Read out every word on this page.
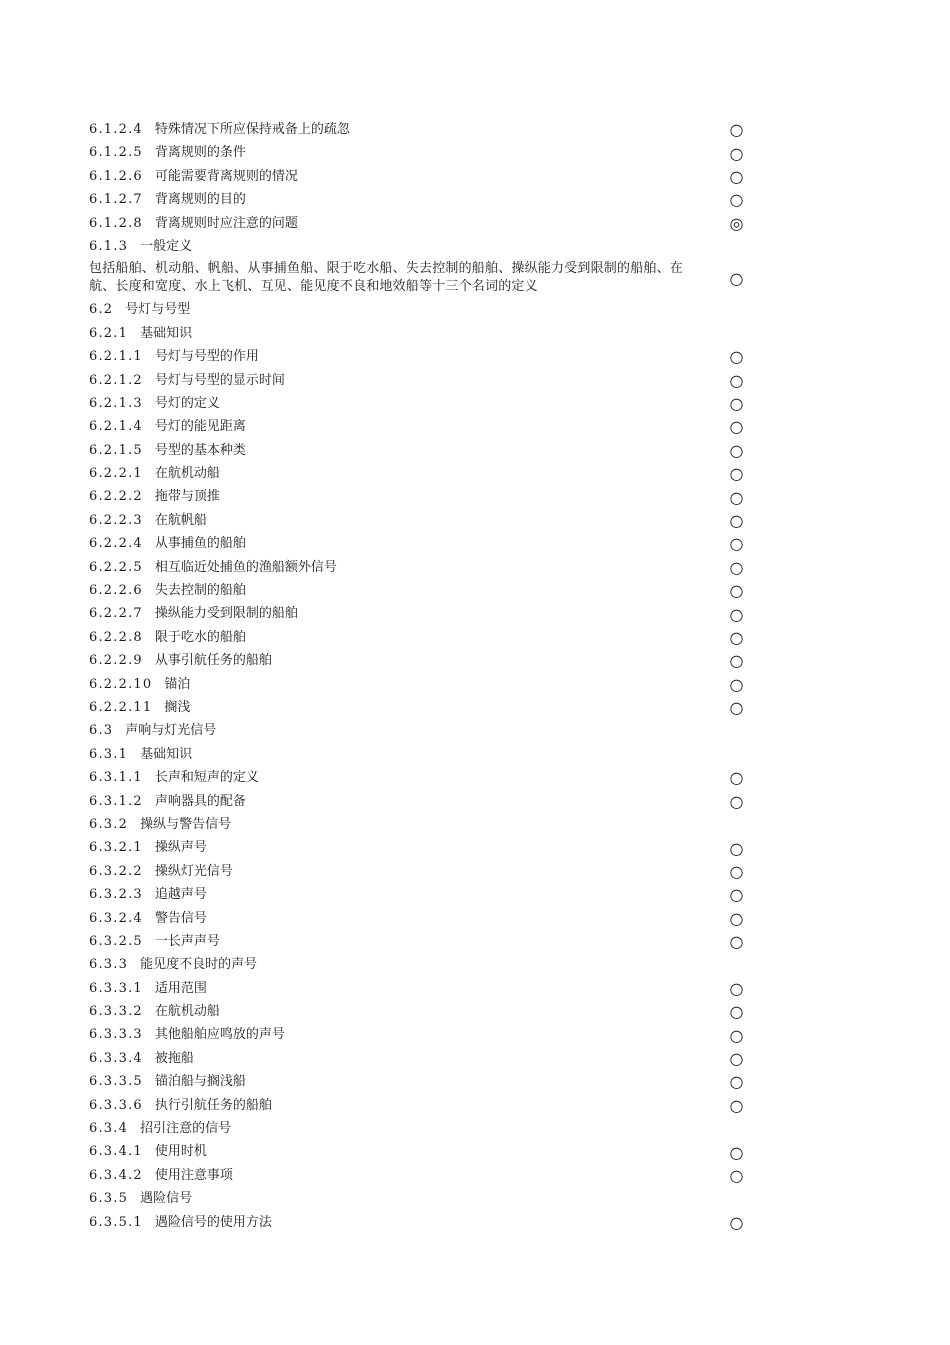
6.1.2.4 特殊情况下所应保持戒备上的疏忽	○
6.1.2.5 背离规则的条件	○
6.1.2.6 可能需要背离规则的情况	○
6.1.2.7 背离规则的目的	○
6.1.2.8 背离规则时应注意的问题	◎
6.1.3 一般定义
包括船舶、机动船、帆船、从事捕鱼船、限于吃水船、失去控制的船舶、操纵能力受到限制的船舶、在航、长度和宽度、水上飞机、互见、能见度不良和地效船等十三个名词的定义	○
6.2 号灯与号型
6.2.1 基础知识
6.2.1.1 号灯与号型的作用	○
6.2.1.2 号灯与号型的显示时间	○
6.2.1.3 号灯的定义	○
6.2.1.4 号灯的能见距离	○
6.2.1.5 号型的基本种类	○
6.2.2.1 在航机动船	○
6.2.2.2 拖带与顶推	○
6.2.2.3 在航帆船	○
6.2.2.4 从事捕鱼的船舶	○
6.2.2.5 相互临近处捕鱼的渔船额外信号	○
6.2.2.6 失去控制的船舶	○
6.2.2.7 操纵能力受到限制的船舶	○
6.2.2.8 限于吃水的船舶	○
6.2.2.9 从事引航任务的船舶	○
6.2.2.10 锚泊	○
6.2.2.11 搁浅	○
6.3 声响与灯光信号
6.3.1 基础知识
6.3.1.1 长声和短声的定义	○
6.3.1.2 声响器具的配备	○
6.3.2 操纵与警告信号
6.3.2.1 操纵声号	○
6.3.2.2 操纵灯光信号	○
6.3.2.3 追越声号	○
6.3.2.4 警告信号	○
6.3.2.5 一长声声号	○
6.3.3 能见度不良时的声号
6.3.3.1 适用范围	○
6.3.3.2 在航机动船	○
6.3.3.3 其他船舶应鸣放的声号	○
6.3.3.4 被拖船	○
6.3.3.5 锚泊船与搁浅船	○
6.3.3.6 执行引航任务的船舶	○
6.3.4 招引注意的信号
6.3.4.1 使用时机	○
6.3.4.2 使用注意事项	○
6.3.5 遇险信号
6.3.5.1 遇险信号的使用方法	○
